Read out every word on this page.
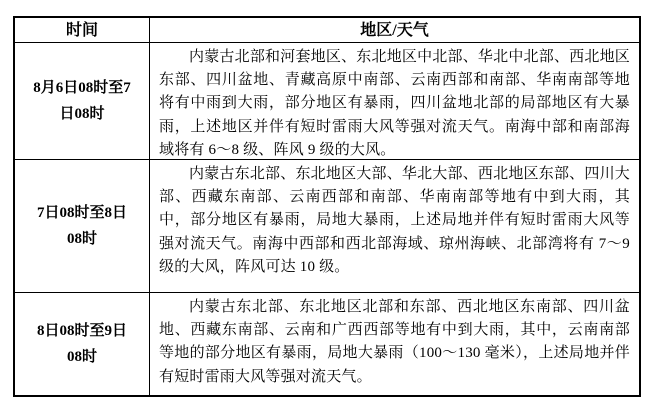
时间	地区/天气
8月6日08时至7
日08时

内蒙古北部和河套地区、东北地区中北部、华北中北部、西北地区东部、四川盆地、青藏高原中南部、云南西部和南部、华南南部等地将有中雨到大雨，部分地区有暴雨，四川盆地北部的局部地区有大暴雨，上述地区并伴有短时雷雨大风等强对流天气。南海中部和南部海域将有 6～8 级、阵风 9 级的大风。

7日08时至8日
08时

内蒙古东北部、东北地区大部、华北大部、西北地区东部、四川大部、西藏东南部、云南西部和南部、华南南部等地有中到大雨，其中，部分地区有暴雨，局地大暴雨，上述局地并伴有短时雷雨大风等强对流天气。南海中西部和西北部海域、琼州海峡、北部湾将有 7～9 级的大风，阵风可达 10 级。

8日08时至9日
08时

内蒙古东北部、东北地区北部和东部、西北地区东南部、四川盆地、西藏东南部、云南和广西西部等地有中到大雨，其中，云南南部等地的部分地区有暴雨，局地大暴雨（100～130 毫米），上述局地并伴有短时雷雨大风等强对流天气。
